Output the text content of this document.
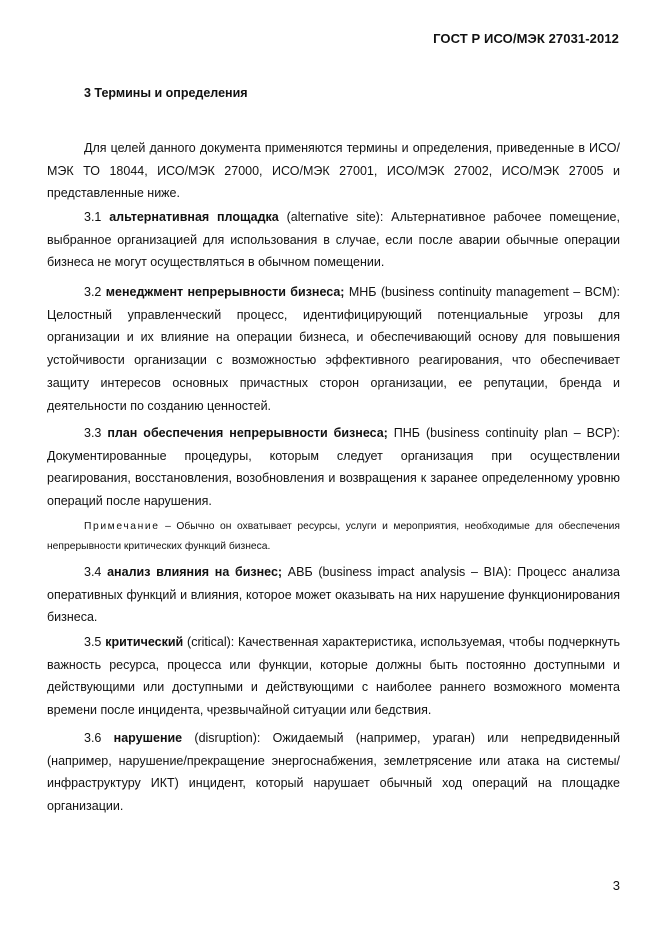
ГОСТ Р ИСО/МЭК 27031-2012
3 Термины и определения

Для целей данного документа применяются термины и определения, приведенные в ИСО/МЭК ТО 18044, ИСО/МЭК 27000, ИСО/МЭК 27001, ИСО/МЭК 27002, ИСО/МЭК 27005 и представленные ниже.

3.1 альтернативная площадка (alternative site): Альтернативное рабочее помещение, выбранное организацией для использования в случае, если после аварии обычные операции бизнеса не могут осуществляться в обычном помещении.

3.2 менеджмент непрерывности бизнеса; МНБ (business continuity management – BCM): Целостный управленческий процесс, идентифицирующий потенциальные угрозы для организации и их влияние на операции бизнеса, и обеспечивающий основу для повышения устойчивости организации с возможностью эффективного реагирования, что обеспечивает защиту интересов основных причастных сторон организации, ее репутации, бренда и деятельности по созданию ценностей.

3.3 план обеспечения непрерывности бизнеса; ПНБ (business continuity plan – BCP): Документированные процедуры, которым следует организация при осуществлении реагирования, восстановления, возобновления и возвращения к заранее определенному уровню операций после нарушения.

Примечание – Обычно он охватывает ресурсы, услуги и мероприятия, необходимые для обеспечения непрерывности критических функций бизнеса.

3.4 анализ влияния на бизнес; АВБ (business impact analysis – BIA): Процесс анализа оперативных функций и влияния, которое может оказывать на них нарушение функционирования бизнеса.

3.5 критический (critical): Качественная характеристика, используемая, чтобы подчеркнуть важность ресурса, процесса или функции, которые должны быть постоянно доступными и действующими или доступными и действующими с наиболее раннего возможного момента времени после инцидента, чрезвычайной ситуации или бедствия.

3.6 нарушение (disruption): Ожидаемый (например, ураган) или непредвиденный (например, нарушение/прекращение энергоснабжения, землетрясение или атака на системы/инфраструктуру ИКТ) инцидент, который нарушает обычный ход операций на площадке организации.

3
